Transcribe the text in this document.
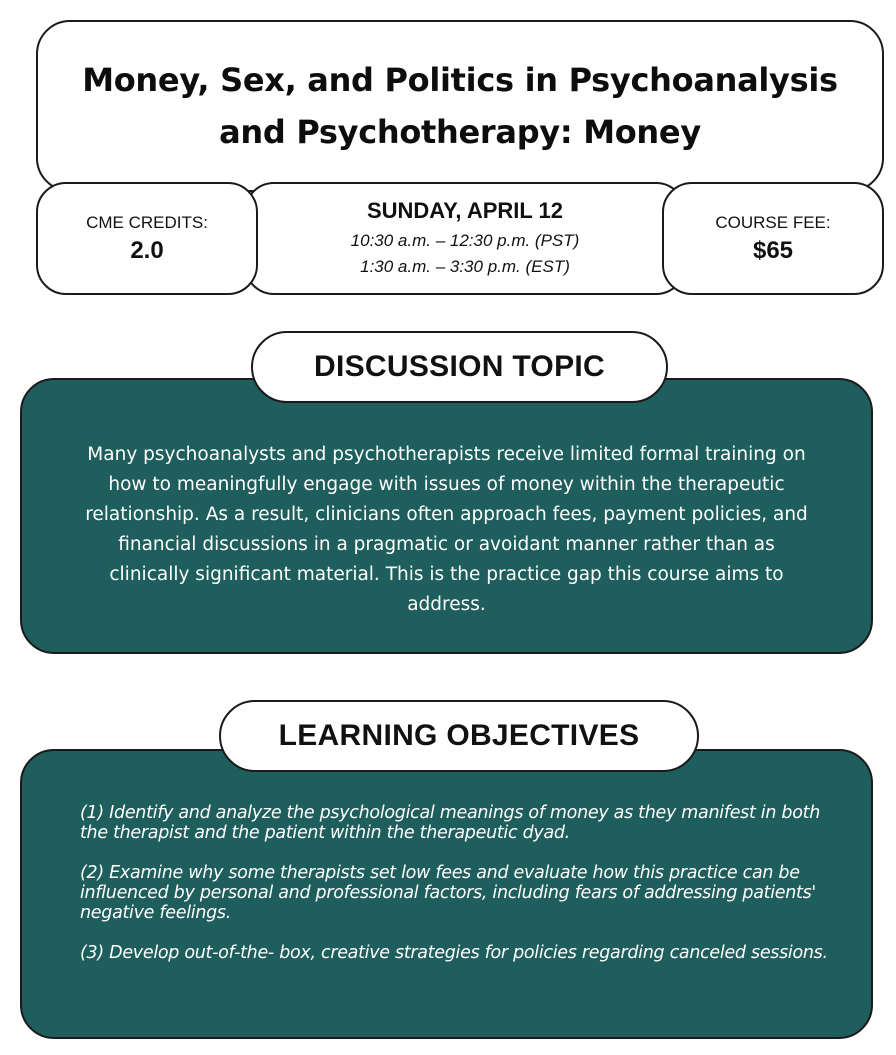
Money, Sex, and Politics in Psychoanalysis and Psychotherapy: Money
SUNDAY, APRIL 12
10:30 a.m. – 12:30 p.m. (PST)
1:30 a.m. – 3:30 p.m. (EST)
CME CREDITS:
2.0
COURSE FEE:
$65
DISCUSSION TOPIC

Many psychoanalysts and psychotherapists receive limited formal training on how to meaningfully engage with issues of money within the therapeutic relationship. As a result, clinicians often approach fees, payment policies, and financial discussions in a pragmatic or avoidant manner rather than as clinically significant material. This is the practice gap this course aims to address.

LEARNING OBJECTIVES
(1) Identify and analyze the psychological meanings of money as they manifest in both the therapist and the patient within the therapeutic dyad.
(2) Examine why some therapists set low fees and evaluate how this practice can be influenced by personal and professional factors, including fears of addressing patients' negative feelings.
(3) Develop out-of-the- box, creative strategies for policies regarding canceled sessions.
